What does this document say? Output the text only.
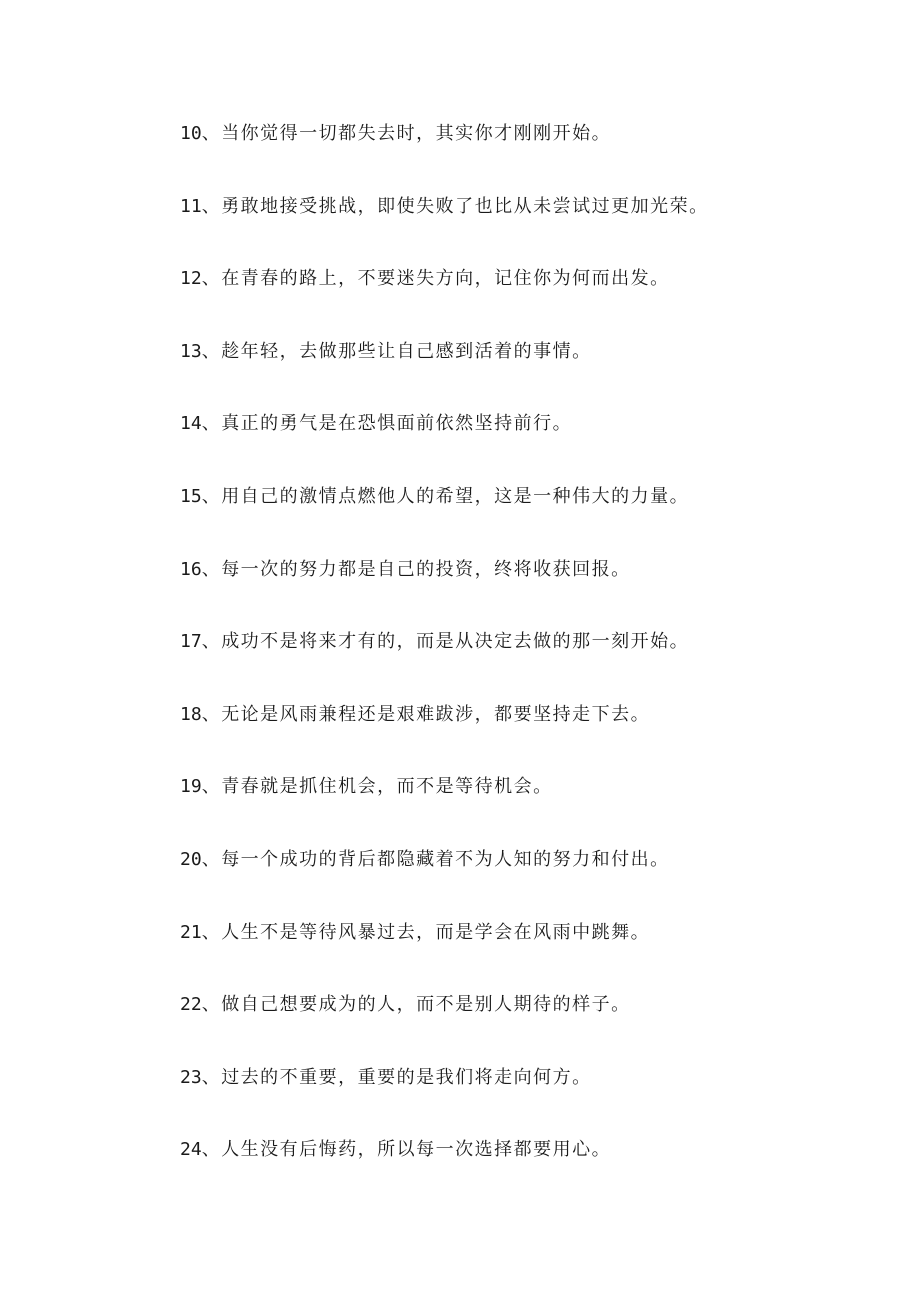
10、当你觉得一切都失去时，其实你才刚刚开始。
11、勇敢地接受挑战，即使失败了也比从未尝试过更加光荣。
12、在青春的路上，不要迷失方向，记住你为何而出发。
13、趁年轻，去做那些让自己感到活着的事情。
14、真正的勇气是在恐惧面前依然坚持前行。
15、用自己的激情点燃他人的希望，这是一种伟大的力量。
16、每一次的努力都是自己的投资，终将收获回报。
17、成功不是将来才有的，而是从决定去做的那一刻开始。
18、无论是风雨兼程还是艰难跋涉，都要坚持走下去。
19、青春就是抓住机会，而不是等待机会。
20、每一个成功的背后都隐藏着不为人知的努力和付出。
21、人生不是等待风暴过去，而是学会在风雨中跳舞。
22、做自己想要成为的人，而不是别人期待的样子。
23、过去的不重要，重要的是我们将走向何方。
24、人生没有后悔药，所以每一次选择都要用心。
